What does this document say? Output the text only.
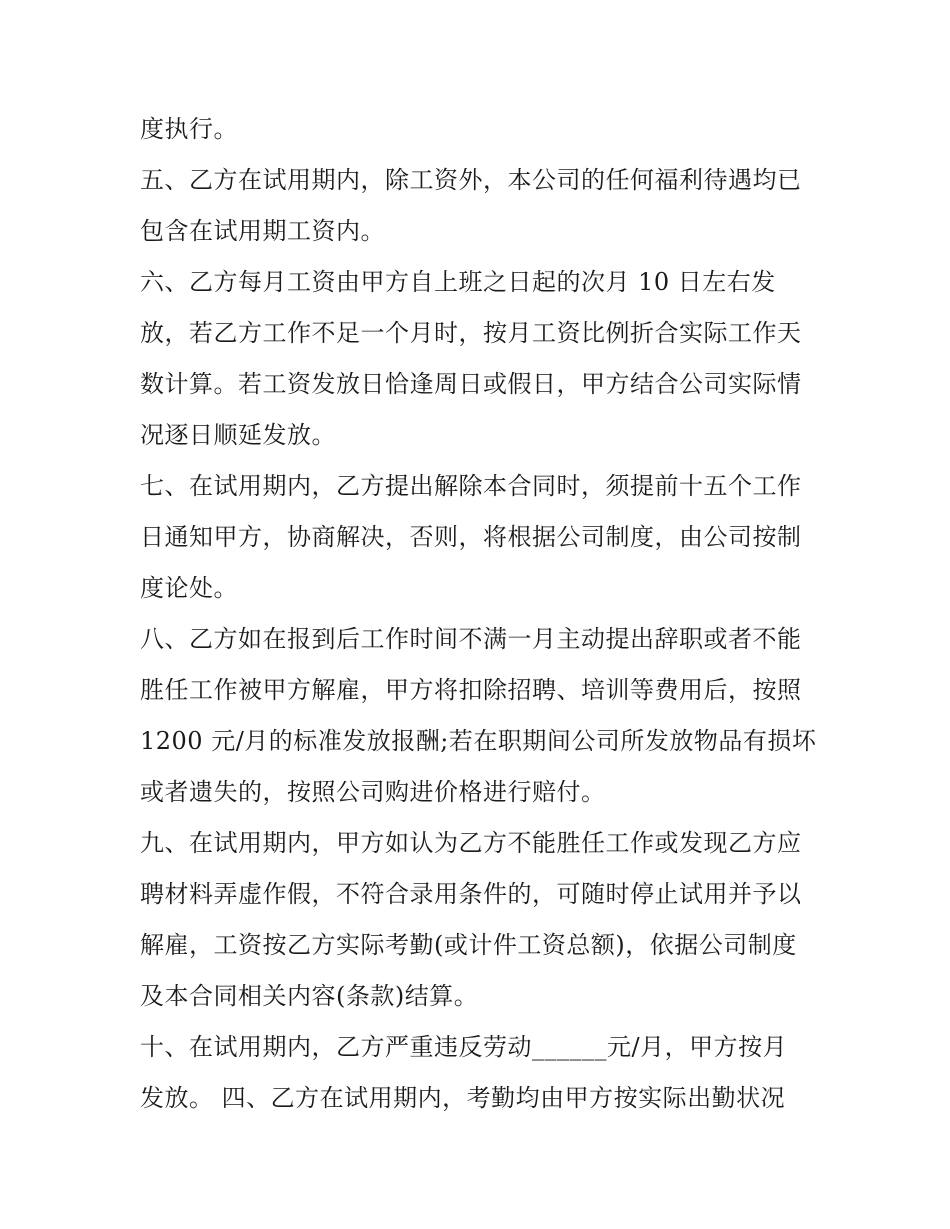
度执行。
五、乙方在试用期内，除工资外，本公司的任何福利待遇均已
包含在试用期工资内。
六、乙方每月工资由甲方自上班之日起的次月 10 日左右发
放，若乙方工作不足一个月时，按月工资比例折合实际工作天
数计算。若工资发放日恰逢周日或假日，甲方结合公司实际情
况逐日顺延发放。
七、在试用期内，乙方提出解除本合同时，须提前十五个工作
日通知甲方，协商解决，否则，将根据公司制度，由公司按制
度论处。
八、乙方如在报到后工作时间不满一月主动提出辞职或者不能
胜任工作被甲方解雇，甲方将扣除招聘、培训等费用后，按照
1200 元/月的标准发放报酬;若在职期间公司所发放物品有损坏
或者遗失的，按照公司购进价格进行赔付。
九、在试用期内，甲方如认为乙方不能胜任工作或发现乙方应
聘材料弄虚作假，不符合录用条件的，可随时停止试用并予以
解雇，工资按乙方实际考勤(或计件工资总额)，依据公司制度
及本合同相关内容(条款)结算。
十、在试用期内，乙方严重违反劳动______元/月，甲方按月
发放。 四、乙方在试用期内，考勤均由甲方按实际出勤状况
